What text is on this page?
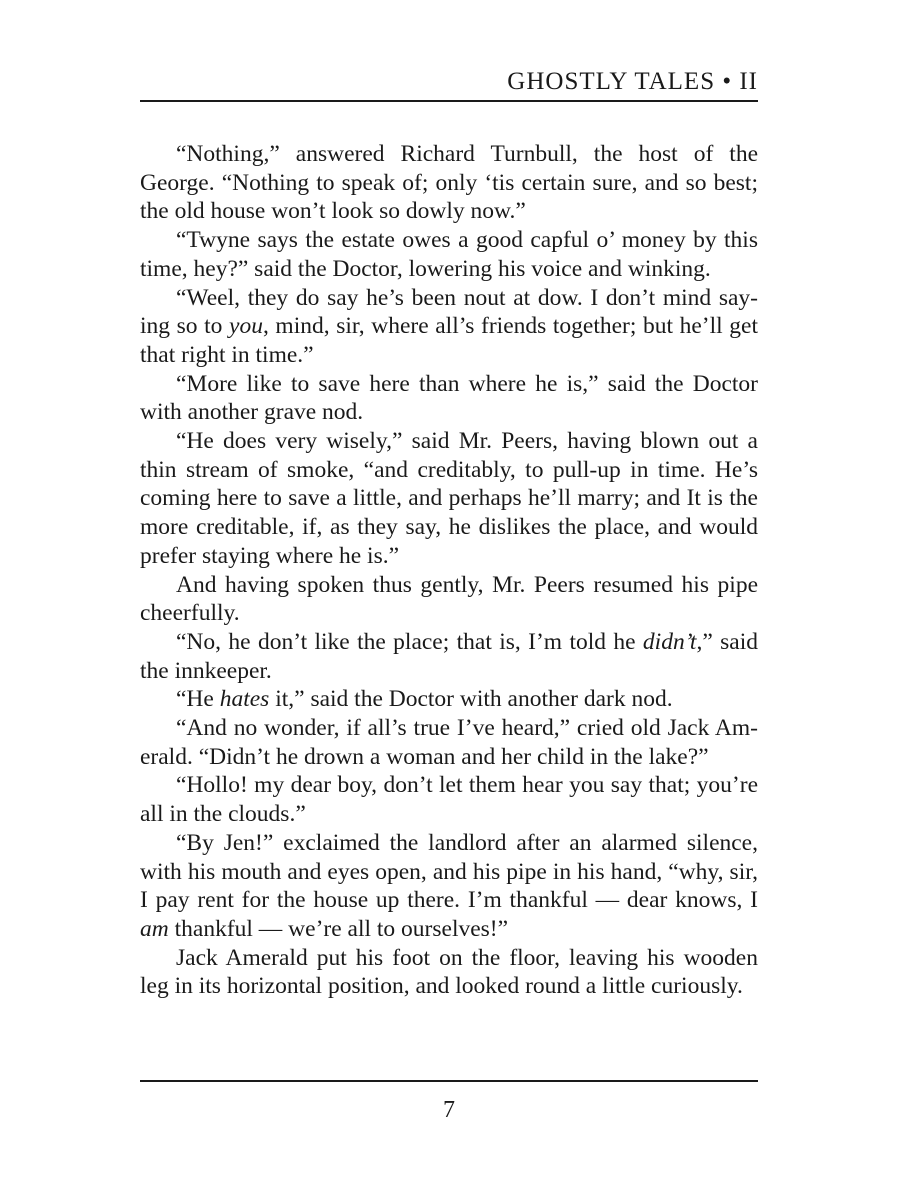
GHOSTLY TALES • II

“Nothing,” answered Richard Turnbull, the host of the George. “Nothing to speak of; only ‘tis certain sure, and so best; the old house won’t look so dowly now.”

“Twyne says the estate owes a good capful o’ money by this time, hey?” said the Doctor, lowering his voice and winking.

“Weel, they do say he’s been nout at dow. I don’t mind saying so to you, mind, sir, where all’s friends together; but he’ll get that right in time.”

“More like to save here than where he is,” said the Doctor with another grave nod.

“He does very wisely,” said Mr. Peers, having blown out a thin stream of smoke, “and creditably, to pull-up in time. He’s coming here to save a little, and perhaps he’ll marry; and It is the more creditable, if, as they say, he dislikes the place, and would prefer staying where he is.”

And having spoken thus gently, Mr. Peers resumed his pipe cheerfully.

“No, he don’t like the place; that is, I’m told he didn’t,” said the innkeeper.

“He hates it,” said the Doctor with another dark nod.

“And no wonder, if all’s true I’ve heard,” cried old Jack Amerald. “Didn’t he drown a woman and her child in the lake?”

“Hollo! my dear boy, don’t let them hear you say that; you’re all in the clouds.”

“By Jen!” exclaimed the landlord after an alarmed silence, with his mouth and eyes open, and his pipe in his hand, “why, sir, I pay rent for the house up there. I’m thankful — dear knows, I am thankful — we’re all to ourselves!”

Jack Amerald put his foot on the floor, leaving his wooden leg in its horizontal position, and looked round a little curiously.

7
